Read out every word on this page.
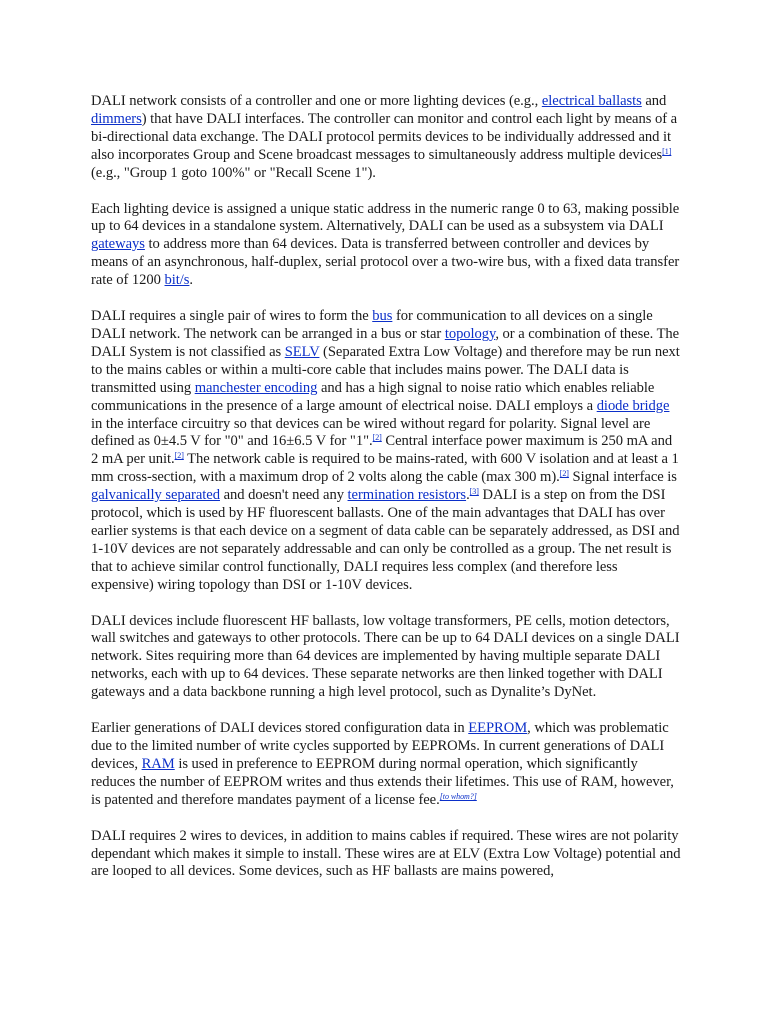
DALI network consists of a controller and one or more lighting devices (e.g., electrical ballasts and dimmers) that have DALI interfaces. The controller can monitor and control each light by means of a bi-directional data exchange. The DALI protocol permits devices to be individually addressed and it also incorporates Group and Scene broadcast messages to simultaneously address multiple devices[1] (e.g., "Group 1 goto 100%" or "Recall Scene 1").

Each lighting device is assigned a unique static address in the numeric range 0 to 63, making possible up to 64 devices in a standalone system. Alternatively, DALI can be used as a subsystem via DALI gateways to address more than 64 devices. Data is transferred between controller and devices by means of an asynchronous, half-duplex, serial protocol over a two-wire bus, with a fixed data transfer rate of 1200 bit/s.

DALI requires a single pair of wires to form the bus for communication to all devices on a single DALI network. The network can be arranged in a bus or star topology, or a combination of these. The DALI System is not classified as SELV (Separated Extra Low Voltage) and therefore may be run next to the mains cables or within a multi-core cable that includes mains power. The DALI data is transmitted using manchester encoding and has a high signal to noise ratio which enables reliable communications in the presence of a large amount of electrical noise. DALI employs a diode bridge in the interface circuitry so that devices can be wired without regard for polarity. Signal level are defined as 0±4.5 V for "0" and 16±6.5 V for "1".[2] Central interface power maximum is 250 mA and 2 mA per unit.[2] The network cable is required to be mains-rated, with 600 V isolation and at least a 1 mm cross-section, with a maximum drop of 2 volts along the cable (max 300 m).[2] Signal interface is galvanically separated and doesn't need any termination resistors.[3] DALI is a step on from the DSI protocol, which is used by HF fluorescent ballasts. One of the main advantages that DALI has over earlier systems is that each device on a segment of data cable can be separately addressed, as DSI and 1-10V devices are not separately addressable and can only be controlled as a group. The net result is that to achieve similar control functionally, DALI requires less complex (and therefore less expensive) wiring topology than DSI or 1-10V devices.

DALI devices include fluorescent HF ballasts, low voltage transformers, PE cells, motion detectors, wall switches and gateways to other protocols. There can be up to 64 DALI devices on a single DALI network. Sites requiring more than 64 devices are implemented by having multiple separate DALI networks, each with up to 64 devices. These separate networks are then linked together with DALI gateways and a data backbone running a high level protocol, such as Dynalite’s DyNet.

Earlier generations of DALI devices stored configuration data in EEPROM, which was problematic due to the limited number of write cycles supported by EEPROMs. In current generations of DALI devices, RAM is used in preference to EEPROM during normal operation, which significantly reduces the number of EEPROM writes and thus extends their lifetimes. This use of RAM, however, is patented and therefore mandates payment of a license fee.[to whom?]

DALI requires 2 wires to devices, in addition to mains cables if required. These wires are not polarity dependant which makes it simple to install. These wires are at ELV (Extra Low Voltage) potential and are looped to all devices. Some devices, such as HF ballasts are mains powered,
